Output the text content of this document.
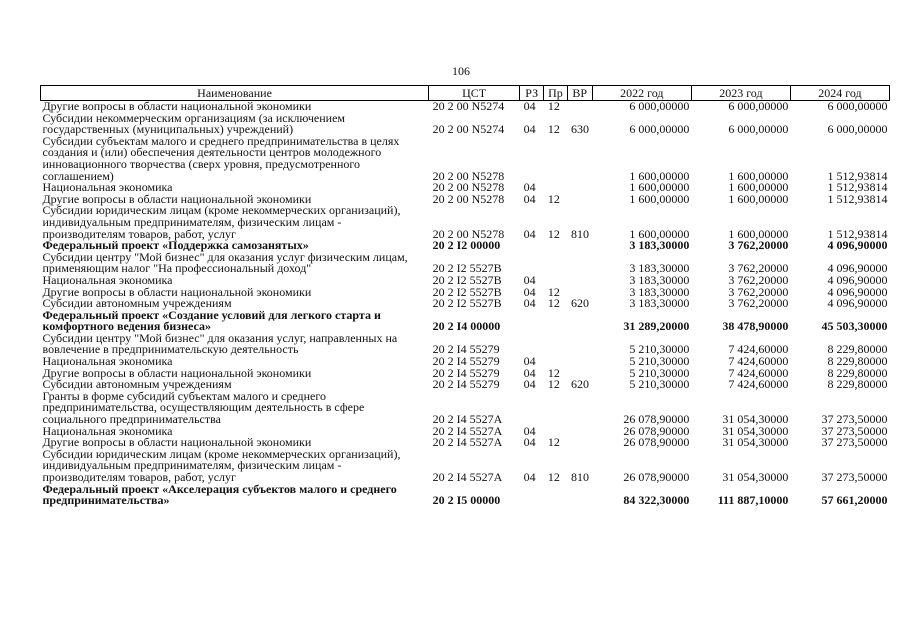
106
Наименование	ЦСТ	РЗ	Пр	ВР	2022 год	2023 год	2024 год
Другие вопросы в области национальной экономики	20 2 00 N5274	04	12		6 000,00000	6 000,00000	6 000,00000
Субсидии некоммерческим организациям (за исключением государственных (муниципальных) учреждений)	20 2 00 N5274	04	12	630	6 000,00000	6 000,00000	6 000,00000
Субсидии субъектам малого и среднего предпринимательства в целях создания и (или) обеспечения деятельности центров молодежного инновационного творчества (сверх уровня, предусмотренного соглашением)	20 2 00 N5278				1 600,00000	1 600,00000	1 512,93814
Национальная экономика	20 2 00 N5278	04			1 600,00000	1 600,00000	1 512,93814
Другие вопросы в области национальной экономики	20 2 00 N5278	04	12		1 600,00000	1 600,00000	1 512,93814
Субсидии юридическим лицам (кроме некоммерческих организаций), индивидуальным предпринимателям, физическим лицам - производителям товаров, работ, услуг	20 2 00 N5278	04	12	810	1 600,00000	1 600,00000	1 512,93814
Федеральный проект «Поддержка самозанятых»	20 2 I2 00000				3 183,30000	3 762,20000	4 096,90000
Субсидии центру "Мой бизнес" для оказания услуг физическим лицам, применяющим налог "На профессиональный доход"	20 2 I2 5527B				3 183,30000	3 762,20000	4 096,90000
Национальная экономика	20 2 I2 5527B	04			3 183,30000	3 762,20000	4 096,90000
Другие вопросы в области национальной экономики	20 2 I2 5527B	04	12		3 183,30000	3 762,20000	4 096,90000
Субсидии автономным учреждениям	20 2 I2 5527B	04	12	620	3 183,30000	3 762,20000	4 096,90000
Федеральный проект «Создание условий для легкого старта и комфортного ведения бизнеса»	20 2 I4 00000				31 289,20000	38 478,90000	45 503,30000
Субсидии центру "Мой бизнес" для оказания услуг, направленных на вовлечение в предпринимательскую деятельность	20 2 I4 55279				5 210,30000	7 424,60000	8 229,80000
Национальная экономика	20 2 I4 55279	04			5 210,30000	7 424,60000	8 229,80000
Другие вопросы в области национальной экономики	20 2 I4 55279	04	12		5 210,30000	7 424,60000	8 229,80000
Субсидии автономным учреждениям	20 2 I4 55279	04	12	620	5 210,30000	7 424,60000	8 229,80000
Гранты в форме субсидий субъектам малого и среднего предпринимательства, осуществляющим деятельность в сфере социального предпринимательства	20 2 I4 5527A				26 078,90000	31 054,30000	37 273,50000
Национальная экономика	20 2 I4 5527A	04			26 078,90000	31 054,30000	37 273,50000
Другие вопросы в области национальной экономики	20 2 I4 5527A	04	12		26 078,90000	31 054,30000	37 273,50000
Субсидии юридическим лицам (кроме некоммерческих организаций), индивидуальным предпринимателям, физическим лицам - производителям товаров, работ, услуг	20 2 I4 5527A	04	12	810	26 078,90000	31 054,30000	37 273,50000
Федеральный проект «Акселерация субъектов малого и среднего предпринимательства»	20 2 I5 00000				84 322,30000	111 887,10000	57 661,20000
